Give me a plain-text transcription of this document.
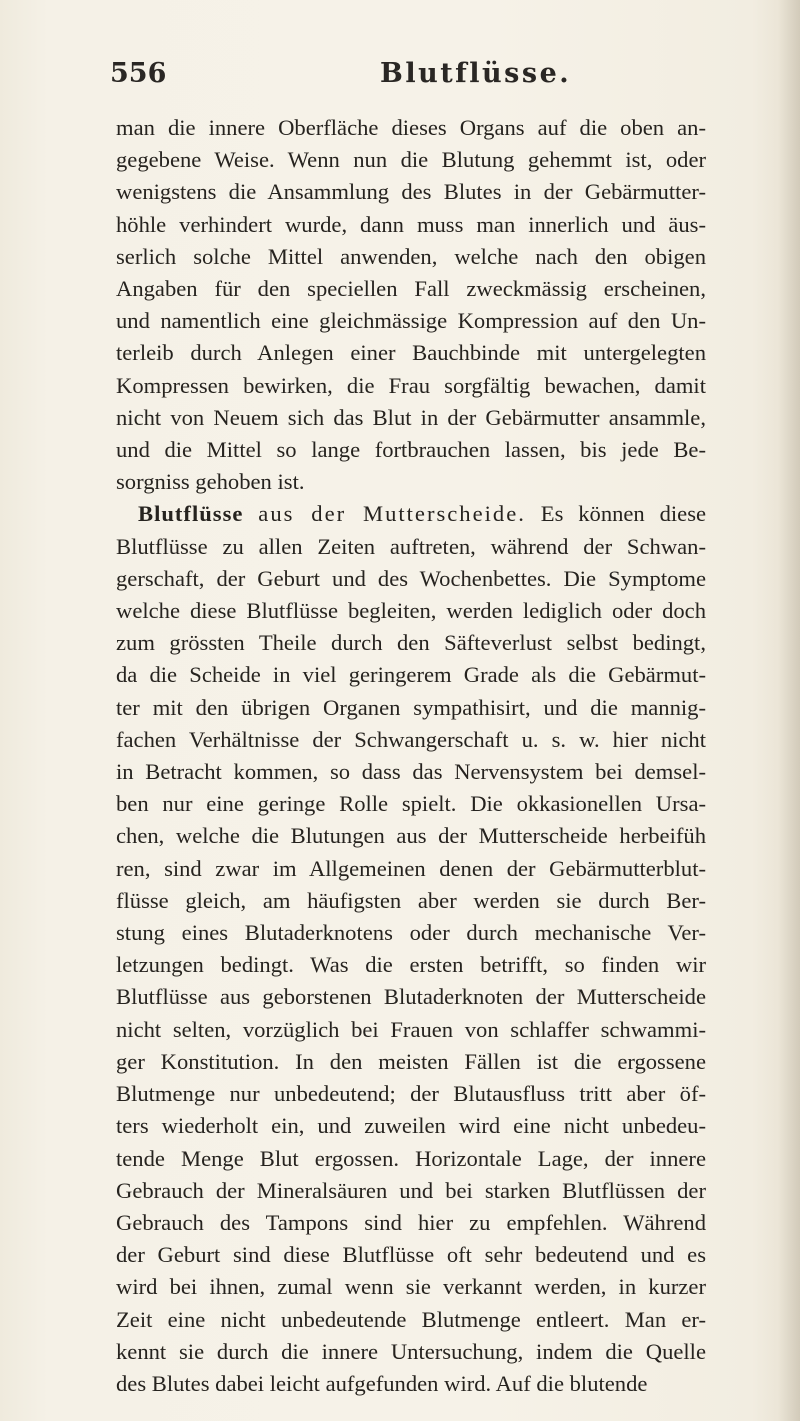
556	Blutflüsse.
man die innere Oberfläche dieses Organs auf die oben an-
gegebene Weise. Wenn nun die Blutung gehemmt ist, oder
wenigstens die Ansammlung des Blutes in der Gebärmutter-
höhle verhindert wurde, dann muss man innerlich und äus-
serlich solche Mittel anwenden, welche nach den obigen
Angaben für den speciellen Fall zweckmässig erscheinen,
und namentlich eine gleichmässige Kompression auf den Un-
terleib durch Anlegen einer Bauchbinde mit untergelegten
Kompressen bewirken, die Frau sorgfältig bewachen, damit
nicht von Neuem sich das Blut in der Gebärmutter ansammle,
und die Mittel so lange fortbrauchen lassen, bis jede Be-
sorgniss gehoben ist.
Blutflüsse aus der Mutterscheide. Es können diese
Blutflüsse zu allen Zeiten auftreten, während der Schwan-
gerschaft, der Geburt und des Wochenbettes. Die Symptome
welche diese Blutflüsse begleiten, werden lediglich oder doch
zum grössten Theile durch den Säfteverlust selbst bedingt,
da die Scheide in viel geringerem Grade als die Gebärmut-
ter mit den übrigen Organen sympathisirt, und die mannig-
fachen Verhältnisse der Schwangerschaft u. s. w. hier nicht
in Betracht kommen, so dass das Nervensystem bei demsel-
ben nur eine geringe Rolle spielt. Die okkasionellen Ursa-
chen, welche die Blutungen aus der Mutterscheide herbeifüh
ren, sind zwar im Allgemeinen denen der Gebärmutterblut-
flüsse gleich, am häufigsten aber werden sie durch Ber-
stung eines Blutaderknotens oder durch mechanische Ver-
letzungen bedingt. Was die ersten betrifft, so finden wir
Blutflüsse aus geborstenen Blutaderknoten der Mutterscheide
nicht selten, vorzüglich bei Frauen von schlaffer schwammi-
ger Konstitution. In den meisten Fällen ist die ergossene
Blutmenge nur unbedeutend; der Blutausfluss tritt aber öf-
ters wiederholt ein, und zuweilen wird eine nicht unbedeu-
tende Menge Blut ergossen. Horizontale Lage, der innere
Gebrauch der Mineralsäuren und bei starken Blutflüssen der
Gebrauch des Tampons sind hier zu empfehlen. Während
der Geburt sind diese Blutflüsse oft sehr bedeutend und es
wird bei ihnen, zumal wenn sie verkannt werden, in kurzer
Zeit eine nicht unbedeutende Blutmenge entleert. Man er-
kennt sie durch die innere Untersuchung, indem die Quelle
des Blutes dabei leicht aufgefunden wird. Auf die blutende
